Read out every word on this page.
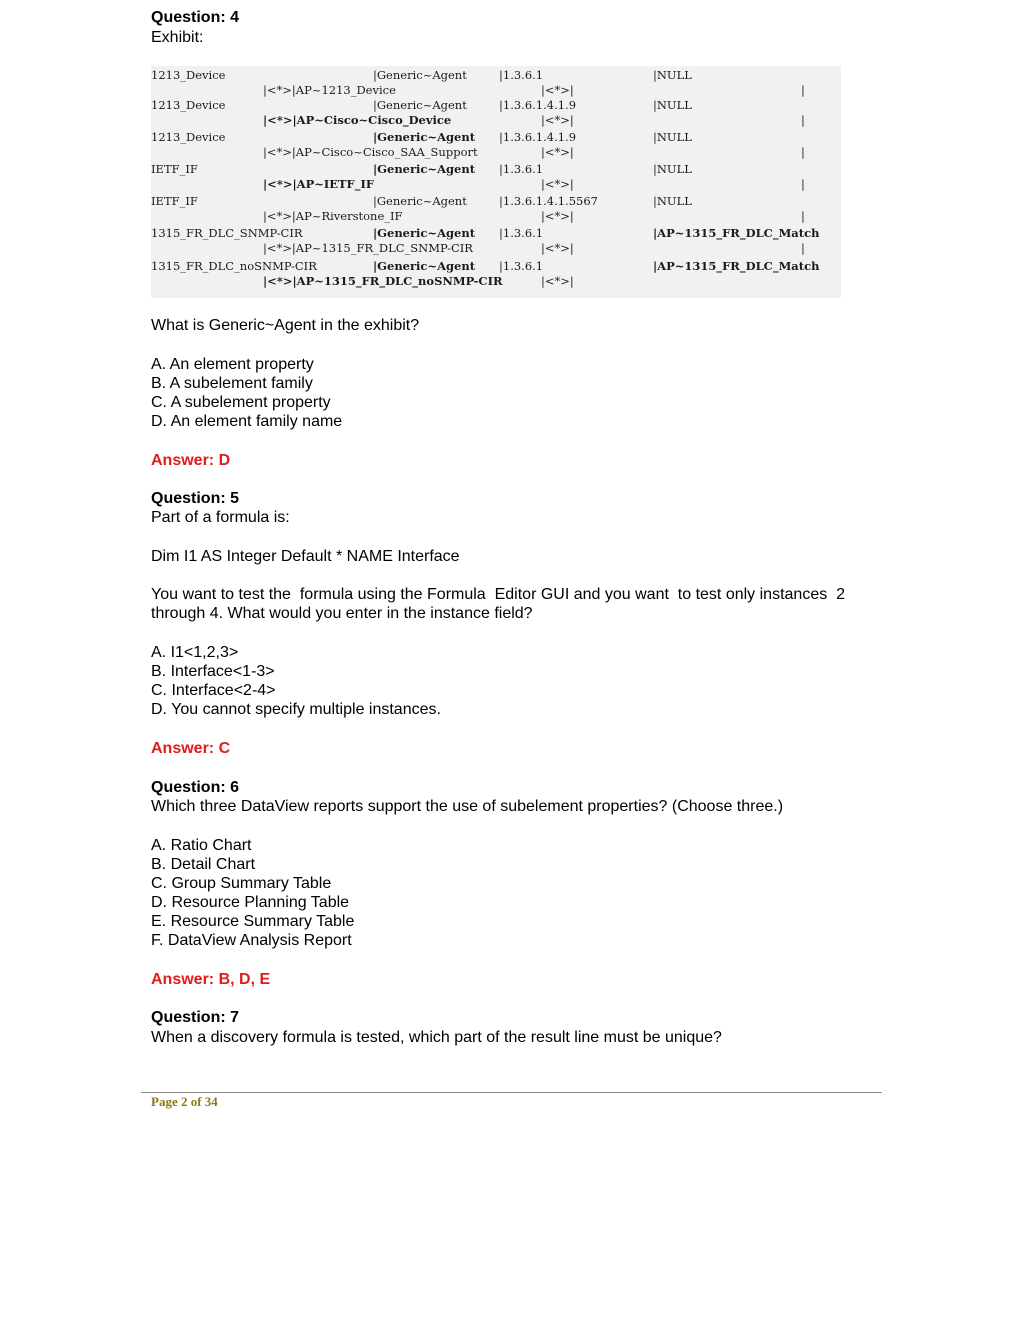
Question: 4
Exhibit:
1213_Device	|Generic~Agent	|1.3.6.1	|NULL
|<*>|AP~1213_Device	|<*>|	|
1213_Device	|Generic~Agent	|1.3.6.1.4.1.9	|NULL
|<*>|AP~Cisco~Cisco_Device	|<*>|	|
1213_Device	|Generic~Agent |1.3.6.1.4.1.9	|NULL
|<*>|AP~Cisco~Cisco_SAA_Support	|<*>|	|
IETF_IF	|Generic~Agent |1.3.6.1	|NULL
|<*>|AP~IETF_IF	|<*>|	|
IETF_IF	|Generic~Agent	|1.3.6.1.4.1.5567	|NULL
|<*>|AP~Riverstone_IF	|<*>|	|
1315_FR_DLC_SNMP-CIR	|Generic~Agent |1.3.6.1	|AP~1315_FR_DLC_Match
|<*>|AP~1315_FR_DLC_SNMP-CIR	|<*>|	|
1315_FR_DLC_noSNMP-CIR	|Generic~Agent |1.3.6.1	|AP~1315_FR_DLC_Match
|<*>|AP~1315_FR_DLC_noSNMP-CIR	|<*>|
What is Generic~Agent in the exhibit?
A. An element property
B. A subelement family
C. A subelement property
D. An element family name
Answer: D
Question: 5
Part of a formula is:
Dim I1 AS Integer Default * NAME Interface
You want to test the  formula using the Formula  Editor GUI and you want  to test only instances  2
through 4. What would you enter in the instance field?
A. I1<1,2,3>
B. Interface<1-3>
C. Interface<2-4>
D. You cannot specify multiple instances.
Answer: C
Question: 6
Which three DataView reports support the use of subelement properties? (Choose three.)
A. Ratio Chart
B. Detail Chart
C. Group Summary Table
D. Resource Planning Table
E. Resource Summary Table
F. DataView Analysis Report
Answer: B, D, E
Question: 7
When a discovery formula is tested, which part of the result line must be unique?
Page 2 of 34
